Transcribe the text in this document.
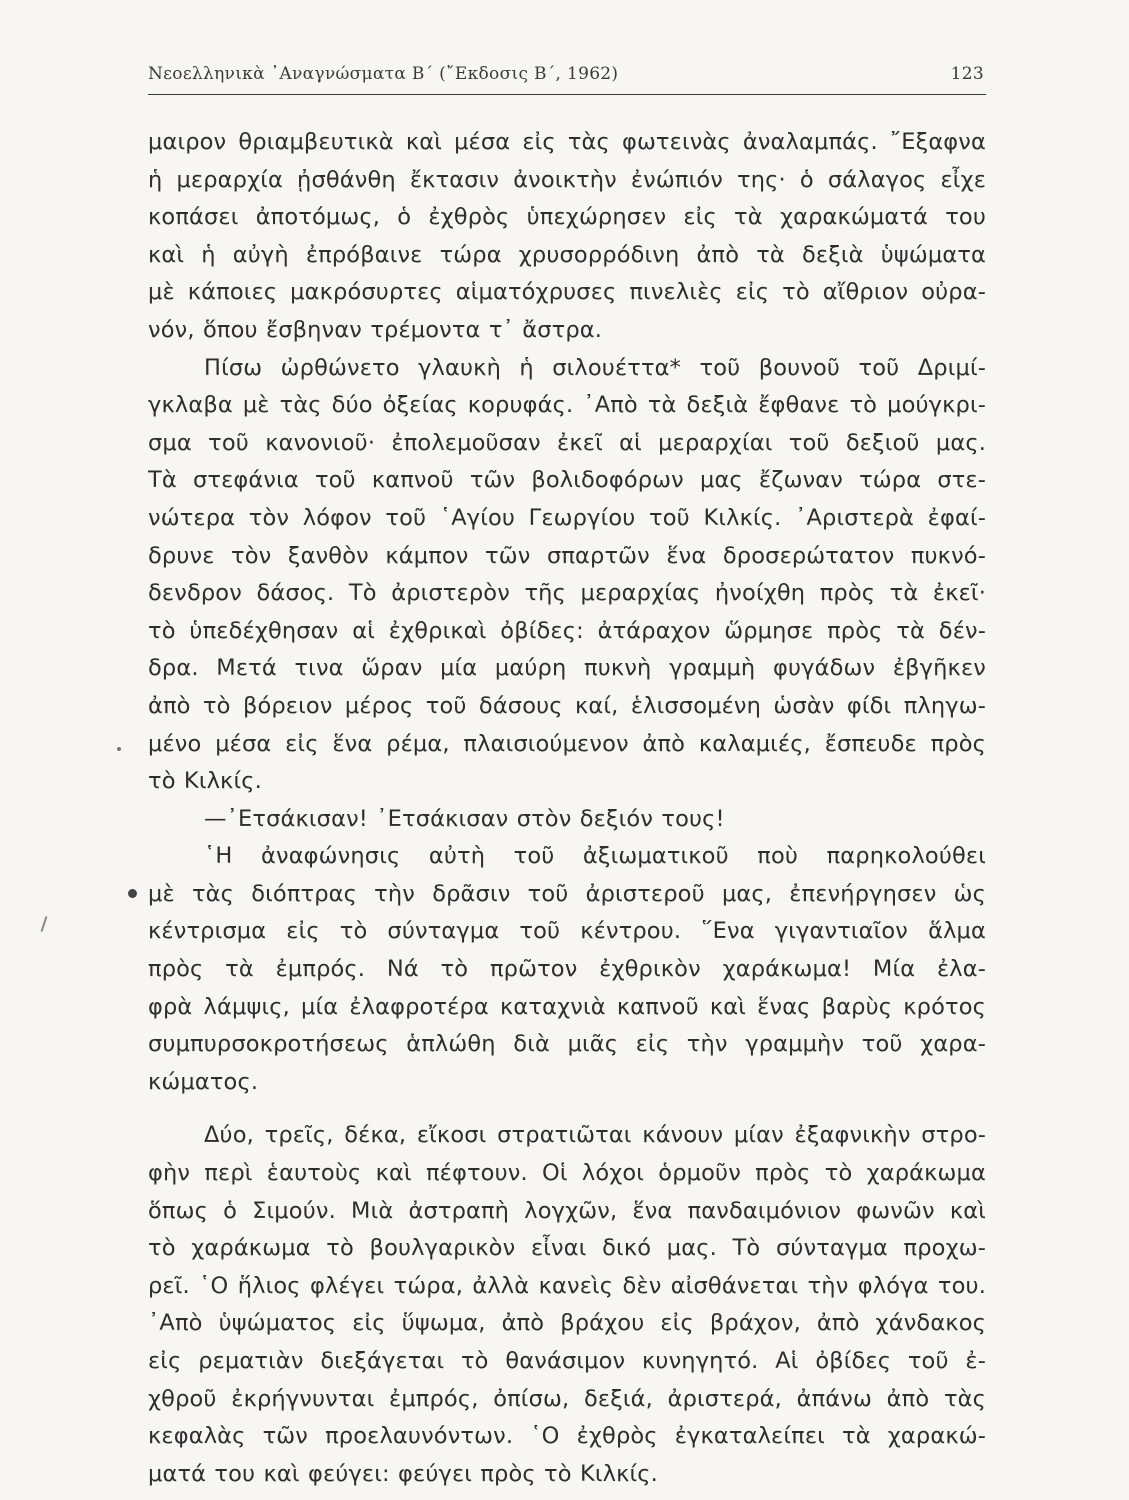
Νεοελληνικὰ ᾿Αναγνώσματα Β΄ (῎Εκδοσις Β΄, 1962)	123
μαιρον θριαμβευτικὰ καὶ μέσα εἰς τὰς φωτεινὰς ἀναλαμπάς. ῎Εξαφνα
ἡ μεραρχία ᾐσθάνθη ἔκτασιν ἀνοικτὴν ἐνώπιόν της· ὁ σάλαγος εἶχε
κοπάσει ἀποτόμως, ὁ ἐχθρὸς ὑπεχώρησεν εἰς τὰ χαρακώματά του
καὶ ἡ αὐγὴ ἐπρόβαινε τώρα χρυσορρόδινη ἀπὸ τὰ δεξιὰ ὑψώματα
μὲ κάποιες μακρόσυρτες αἱματόχρυσες πινελιὲς εἰς τὸ αἴθριον οὐρα-
νόν, ὅπου ἔσβηναν τρέμοντα τ᾽ ἄστρα.
Πίσω ὠρθώνετο γλαυκὴ ἡ σιλουέττα* τοῦ βουνοῦ τοῦ Δριμί-
γκλαβα μὲ τὰς δύο ὀξείας κορυφάς. ᾿Απὸ τὰ δεξιὰ ἔφθανε τὸ μούγκρι-
σμα τοῦ κανονιοῦ· ἐπολεμοῦσαν ἐκεῖ αἱ μεραρχίαι τοῦ δεξιοῦ μας.
Τὰ στεφάνια τοῦ καπνοῦ τῶν βολιδοφόρων μας ἔζωναν τώρα στε-
νώτερα τὸν λόφον τοῦ ῾Αγίου Γεωργίου τοῦ Κιλκίς. ᾿Αριστερὰ ἐφαί-
δρυνε τὸν ξανθὸν κάμπον τῶν σπαρτῶν ἕνα δροσερώτατον πυκνό-
δενδρον δάσος. Τὸ ἀριστερὸν τῆς μεραρχίας ἠνοίχθη πρὸς τὰ ἐκεῖ·
τὸ ὑπεδέχθησαν αἱ ἐχθρικαὶ ὀβίδες: ἀτάραχον ὥρμησε πρὸς τὰ δέν-
δρα. Μετά τινα ὥραν μία μαύρη πυκνὴ γραμμὴ φυγάδων ἐβγῆκεν
ἀπὸ τὸ βόρειον μέρος τοῦ δάσους καί, ἑλισσομένη ὡσὰν φίδι πληγω-
μένο μέσα εἰς ἕνα ρέμα, πλαισιούμενον ἀπὸ καλαμιές, ἔσπευδε πρὸς
τὸ Κιλκίς.
—᾿Ετσάκισαν! ᾿Ετσάκισαν στὸν δεξιόν τους!
῾Η ἀναφώνησις αὐτὴ τοῦ ἀξιωματικοῦ ποὺ παρηκολούθει
μὲ τὰς διόπτρας τὴν δρᾶσιν τοῦ ἀριστεροῦ μας, ἐπενήργησεν ὡς
κέντρισμα εἰς τὸ σύνταγμα τοῦ κέντρου. ῞Ενα γιγαντιαῖον ἅλμα
πρὸς τὰ ἐμπρός. Νά τὸ πρῶτον ἐχθρικὸν χαράκωμα! Μία ἐλα-
φρὰ λάμψις, μία ἐλαφροτέρα καταχνιὰ καπνοῦ καὶ ἕνας βαρὺς κρότος
συμπυρσοκροτήσεως ἁπλώθη διὰ μιᾶς εἰς τὴν γραμμὴν τοῦ χαρα-
κώματος.
Δύο, τρεῖς, δέκα, εἴκοσι στρατιῶται κάνουν μίαν ἐξαφνικὴν στρο-
φὴν περὶ ἑαυτοὺς καὶ πέφτουν. Οἱ λόχοι ὁρμοῦν πρὸς τὸ χαράκωμα
ὅπως ὁ Σιμούν. Μιὰ ἀστραπὴ λογχῶν, ἕνα πανδαιμόνιον φωνῶν καὶ
τὸ χαράκωμα τὸ βουλγαρικὸν εἶναι δικό μας. Τὸ σύνταγμα προχω-
ρεῖ. ῾Ο ἥλιος φλέγει τώρα, ἀλλὰ κανεὶς δὲν αἰσθάνεται τὴν φλόγα του.
᾿Απὸ ὑψώματος εἰς ὕψωμα, ἀπὸ βράχου εἰς βράχον, ἀπὸ χάνδακος
εἰς ρεματιὰν διεξάγεται τὸ θανάσιμον κυνηγητό. Αἱ ὀβίδες τοῦ ἐ-
χθροῦ ἐκρήγνυνται ἐμπρός, ὀπίσω, δεξιά, ἀριστερά, ἀπάνω ἀπὸ τὰς
κεφαλὰς τῶν προελαυνόντων. ῾Ο ἐχθρὸς ἐγκαταλείπει τὰ χαρακώ-
ματά του καὶ φεύγει: φεύγει πρὸς τὸ Κιλκίς.
